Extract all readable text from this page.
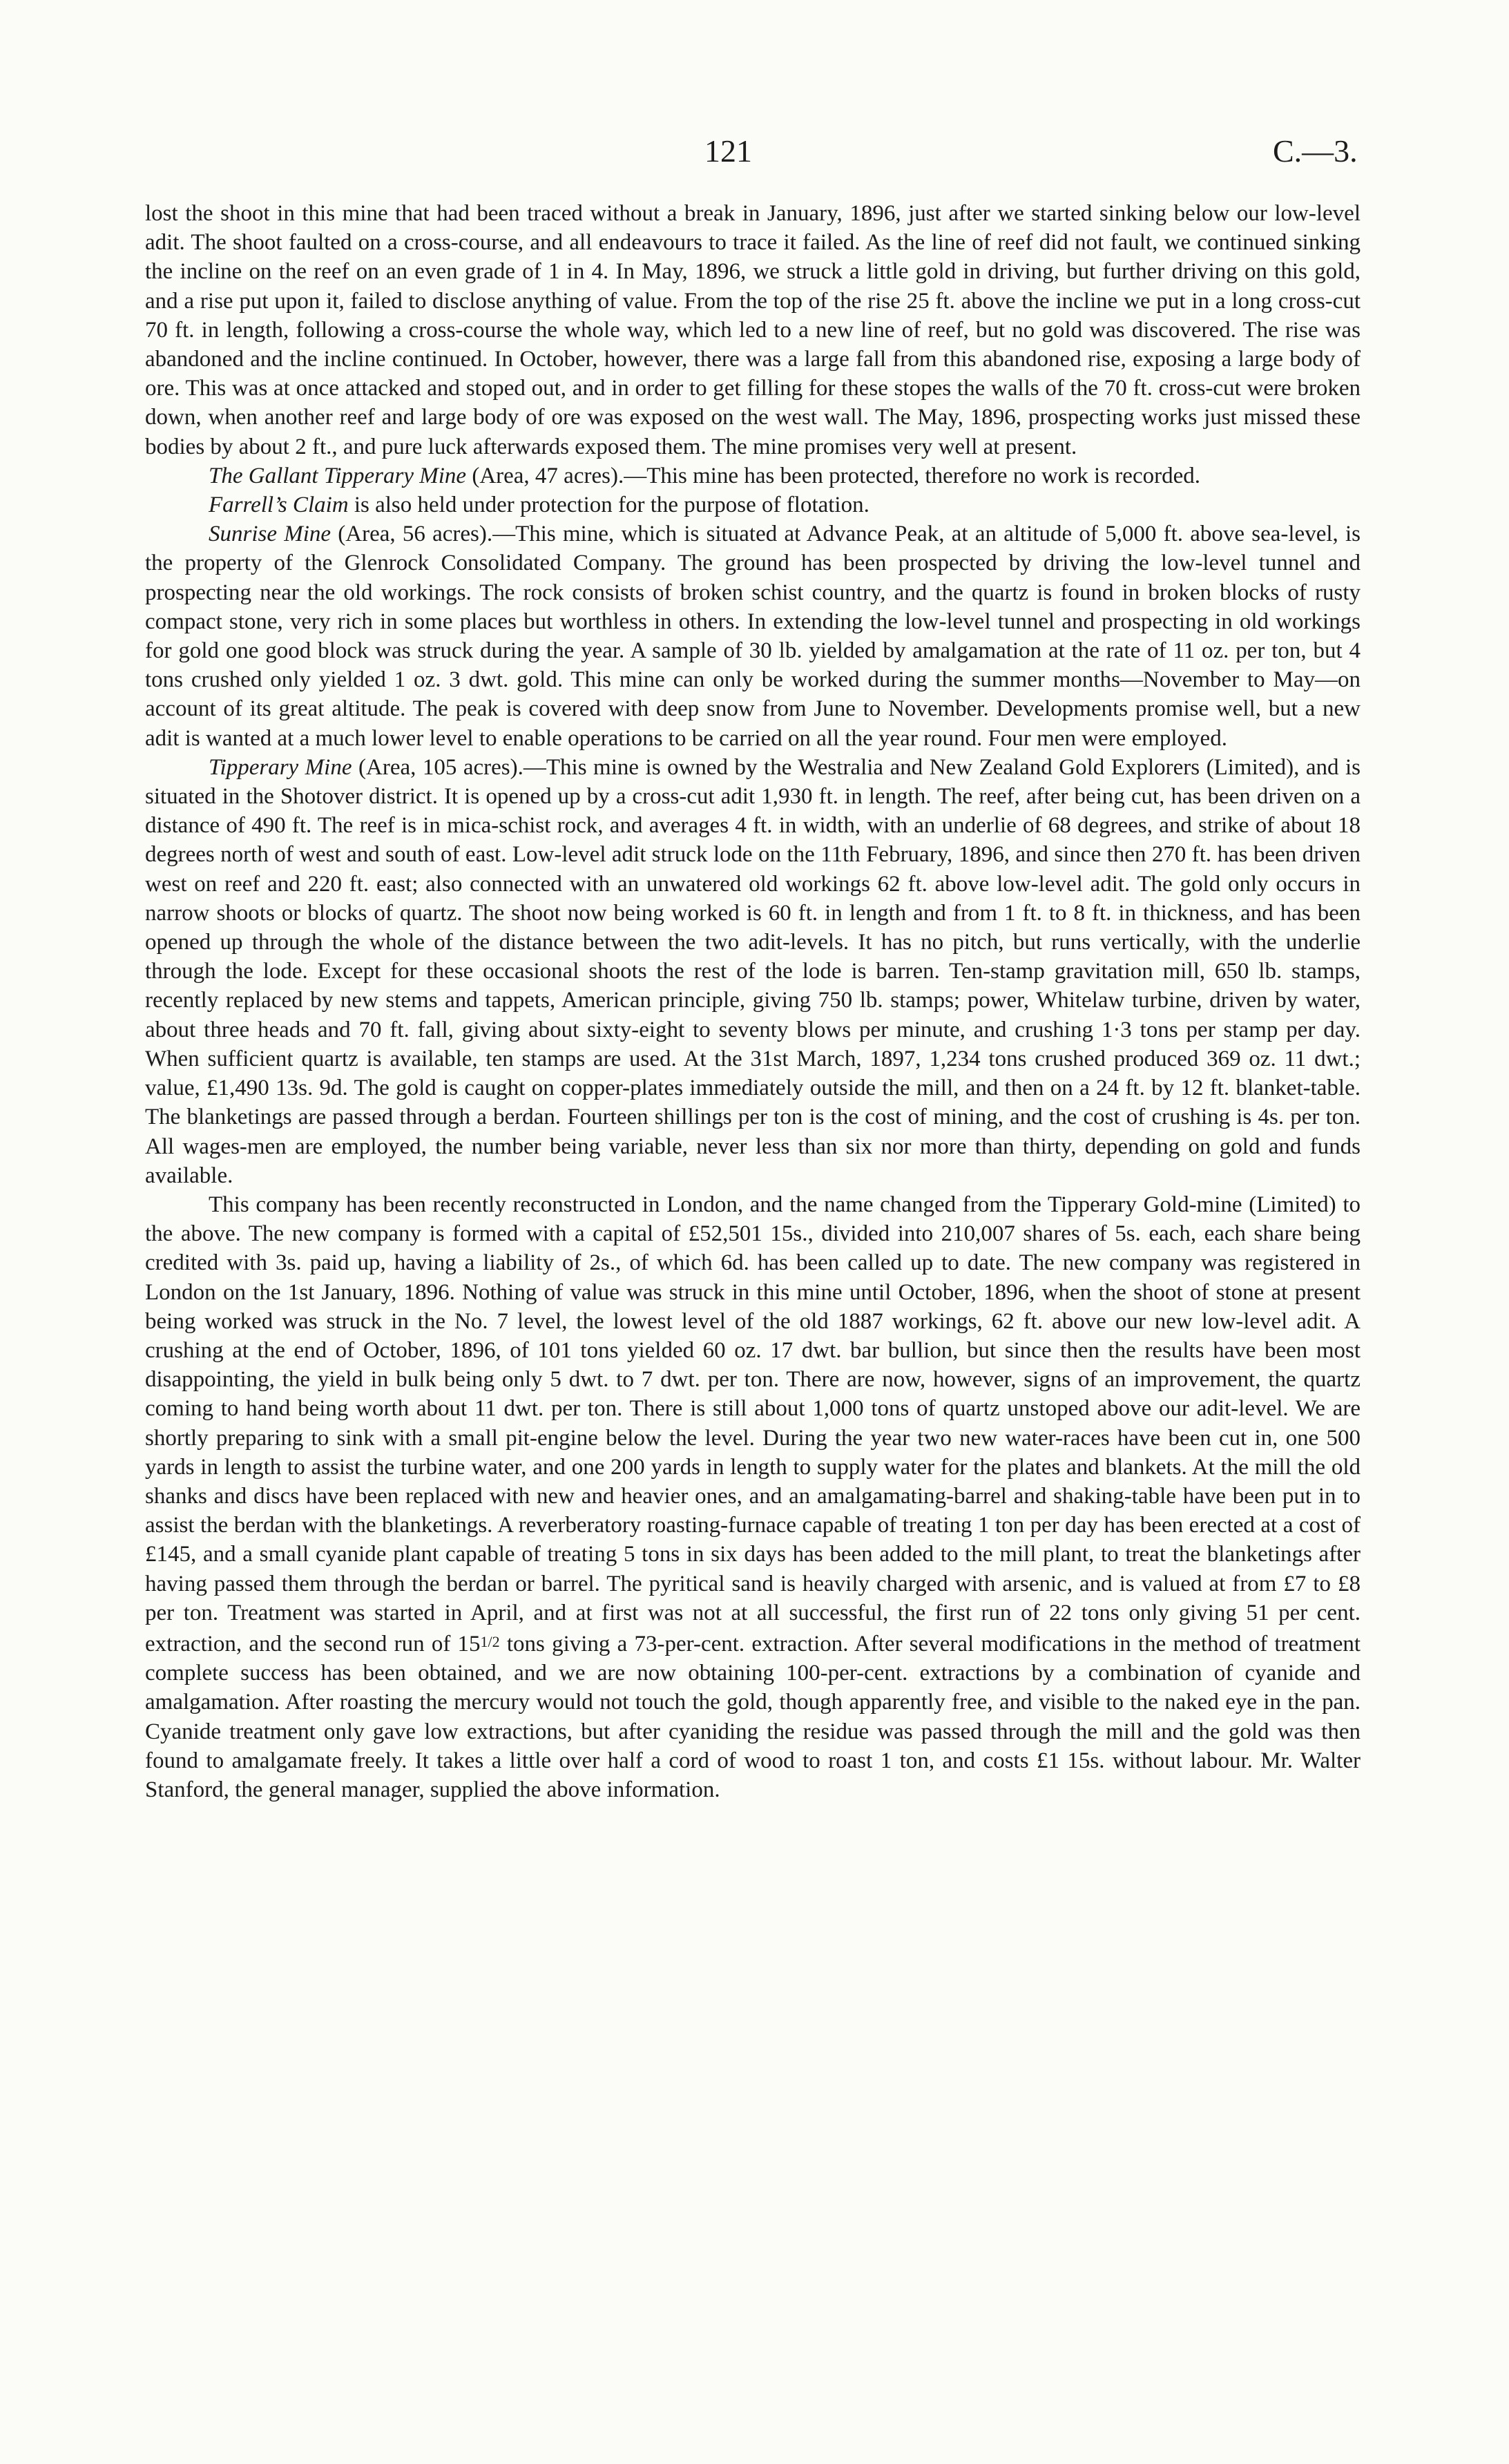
121	C.—3.

lost the shoot in this mine that had been traced without a break in January, 1896, just after we started sinking below our low-level adit. The shoot faulted on a cross-course, and all endeavours to trace it failed. As the line of reef did not fault, we continued sinking the incline on the reef on an even grade of 1 in 4. In May, 1896, we struck a little gold in driving, but further driving on this gold, and a rise put upon it, failed to disclose anything of value. From the top of the rise 25 ft. above the incline we put in a long cross-cut 70 ft. in length, following a cross-course the whole way, which led to a new line of reef, but no gold was discovered. The rise was abandoned and the incline continued. In October, however, there was a large fall from this abandoned rise, exposing a large body of ore. This was at once attacked and stoped out, and in order to get filling for these stopes the walls of the 70 ft. cross-cut were broken down, when another reef and large body of ore was exposed on the west wall. The May, 1896, prospecting works just missed these bodies by about 2 ft., and pure luck afterwards exposed them. The mine promises very well at present.

The Gallant Tipperary Mine (Area, 47 acres).—This mine has been protected, therefore no work is recorded.

Farrell’s Claim is also held under protection for the purpose of flotation.

Sunrise Mine (Area, 56 acres).—This mine, which is situated at Advance Peak, at an altitude of 5,000 ft. above sea-level, is the property of the Glenrock Consolidated Company. The ground has been prospected by driving the low-level tunnel and prospecting near the old workings. The rock consists of broken schist country, and the quartz is found in broken blocks of rusty compact stone, very rich in some places but worthless in others. In extending the low-level tunnel and prospecting in old workings for gold one good block was struck during the year. A sample of 30 lb. yielded by amalgamation at the rate of 11 oz. per ton, but 4 tons crushed only yielded 1 oz. 3 dwt. gold. This mine can only be worked during the summer months—November to May—on account of its great altitude. The peak is covered with deep snow from June to November. Developments promise well, but a new adit is wanted at a much lower level to enable operations to be carried on all the year round. Four men were employed.

Tipperary Mine (Area, 105 acres).—This mine is owned by the Westralia and New Zealand Gold Explorers (Limited), and is situated in the Shotover district. It is opened up by a cross-cut adit 1,930 ft. in length. The reef, after being cut, has been driven on a distance of 490 ft. The reef is in mica-schist rock, and averages 4 ft. in width, with an underlie of 68 degrees, and strike of about 18 degrees north of west and south of east. Low-level adit struck lode on the 11th February, 1896, and since then 270 ft. has been driven west on reef and 220 ft. east; also connected with an unwatered old workings 62 ft. above low-level adit. The gold only occurs in narrow shoots or blocks of quartz. The shoot now being worked is 60 ft. in length and from 1 ft. to 8 ft. in thickness, and has been opened up through the whole of the distance between the two adit-levels. It has no pitch, but runs vertically, with the underlie through the lode. Except for these occasional shoots the rest of the lode is barren. Ten-stamp gravitation mill, 650 lb. stamps, recently replaced by new stems and tappets, American principle, giving 750 lb. stamps; power, Whitelaw turbine, driven by water, about three heads and 70 ft. fall, giving about sixty-eight to seventy blows per minute, and crushing 1·3 tons per stamp per day. When sufficient quartz is available, ten stamps are used. At the 31st March, 1897, 1,234 tons crushed produced 369 oz. 11 dwt.; value, £1,490 13s. 9d. The gold is caught on copper-plates immediately outside the mill, and then on a 24 ft. by 12 ft. blanket-table. The blanketings are passed through a berdan. Fourteen shillings per ton is the cost of mining, and the cost of crushing is 4s. per ton. All wages-men are employed, the number being variable, never less than six nor more than thirty, depending on gold and funds available.

This company has been recently reconstructed in London, and the name changed from the Tipperary Gold-mine (Limited) to the above. The new company is formed with a capital of £52,501 15s., divided into 210,007 shares of 5s. each, each share being credited with 3s. paid up, having a liability of 2s., of which 6d. has been called up to date. The new company was registered in London on the 1st January, 1896. Nothing of value was struck in this mine until October, 1896, when the shoot of stone at present being worked was struck in the No. 7 level, the lowest level of the old 1887 workings, 62 ft. above our new low-level adit. A crushing at the end of October, 1896, of 101 tons yielded 60 oz. 17 dwt. bar bullion, but since then the results have been most disappointing, the yield in bulk being only 5 dwt. to 7 dwt. per ton. There are now, however, signs of an improvement, the quartz coming to hand being worth about 11 dwt. per ton. There is still about 1,000 tons of quartz unstoped above our adit-level. We are shortly preparing to sink with a small pit-engine below the level. During the year two new water-races have been cut in, one 500 yards in length to assist the turbine water, and one 200 yards in length to supply water for the plates and blankets. At the mill the old shanks and discs have been replaced with new and heavier ones, and an amalgamating-barrel and shaking-table have been put in to assist the berdan with the blanketings. A reverberatory roasting-furnace capable of treating 1 ton per day has been erected at a cost of £145, and a small cyanide plant capable of treating 5 tons in six days has been added to the mill plant, to treat the blanketings after having passed them through the berdan or barrel. The pyritical sand is heavily charged with arsenic, and is valued at from £7 to £8 per ton. Treatment was started in April, and at first was not at all successful, the first run of 22 tons only giving 51 per cent. extraction, and the second run of 151/2 tons giving a 73-per-cent. extraction. After several modifications in the method of treatment complete success has been obtained, and we are now obtaining 100-per-cent. extractions by a combination of cyanide and amalgamation. After roasting the mercury would not touch the gold, though apparently free, and visible to the naked eye in the pan. Cyanide treatment only gave low extractions, but after cyaniding the residue was passed through the mill and the gold was then found to amalgamate freely. It takes a little over half a cord of wood to roast 1 ton, and costs £1 15s. without labour. Mr. Walter Stanford, the general manager, supplied the above information.
